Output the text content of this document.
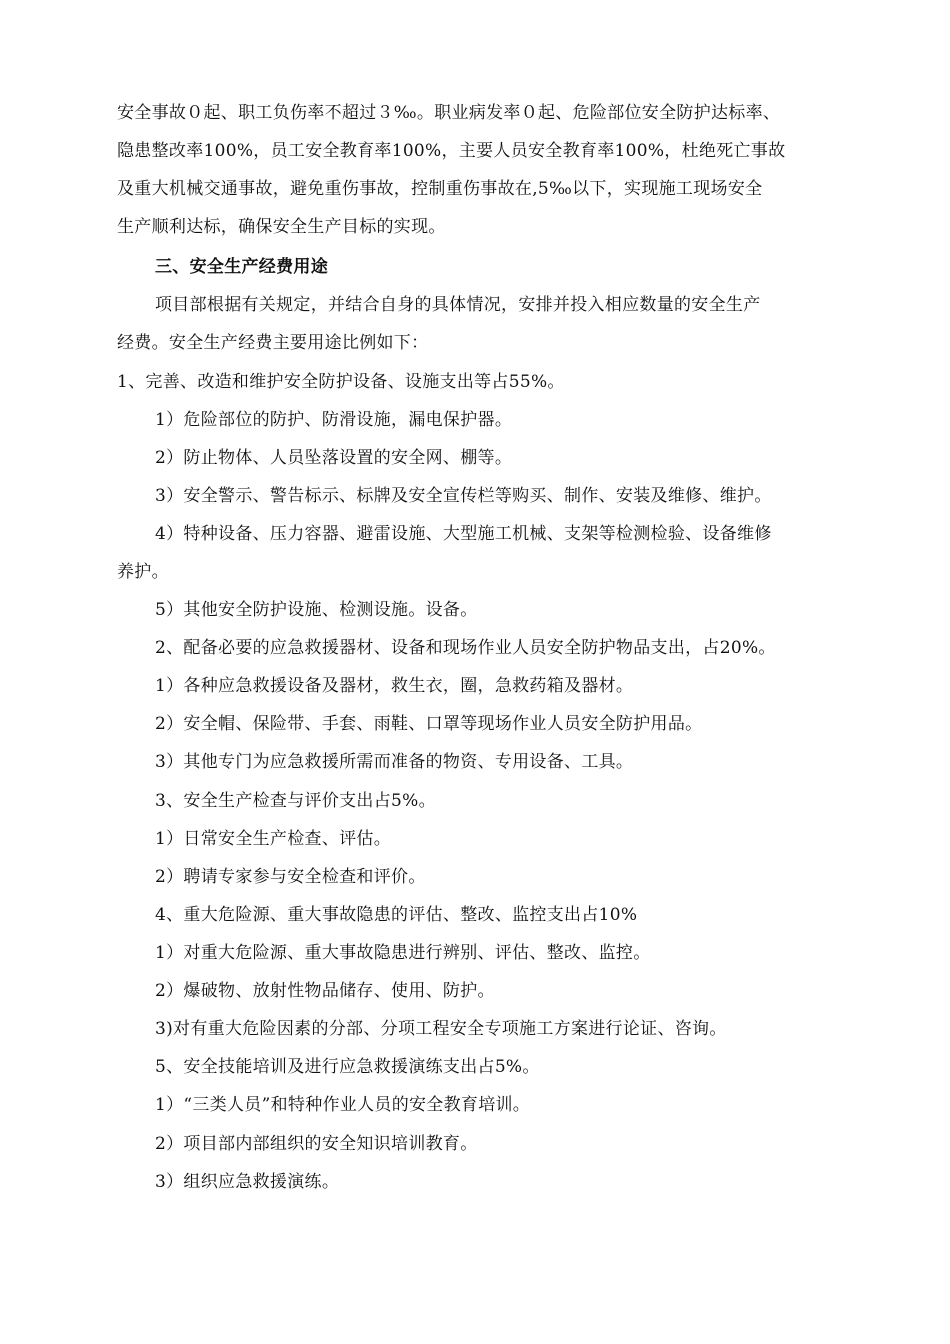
安全事故０起、职工负伤率不超过３‰。职业病发率０起、危险部位安全防护达标率、
隐患整改率100%，员工安全教育率100%，主要人员安全教育率100%，杜绝死亡事故
及重大机械交通事故，避免重伤事故，控制重伤事故在,5‰以下，实现施工现场安全
生产顺利达标，确保安全生产目标的实现。
三、安全生产经费用途
项目部根据有关规定，并结合自身的具体情况，安排并投入相应数量的安全生产
经费。安全生产经费主要用途比例如下：
1、完善、改造和维护安全防护设备、设施支出等占55%。
1）危险部位的防护、防滑设施，漏电保护器。
2）防止物体、人员坠落设置的安全网、棚等。
3）安全警示、警告标示、标牌及安全宣传栏等购买、制作、安装及维修、维护。
4）特种设备、压力容器、避雷设施、大型施工机械、支架等检测检验、设备维修
养护。
5）其他安全防护设施、检测设施。设备。
2、配备必要的应急救援器材、设备和现场作业人员安全防护物品支出，占20%。
1）各种应急救援设备及器材，救生衣，圈，急救药箱及器材。
2）安全帽、保险带、手套、雨鞋、口罩等现场作业人员安全防护用品。
3）其他专门为应急救援所需而准备的物资、专用设备、工具。
3、安全生产检查与评价支出占5%。
1）日常安全生产检查、评估。
2）聘请专家参与安全检查和评价。
4、重大危险源、重大事故隐患的评估、整改、监控支出占10%
1）对重大危险源、重大事故隐患进行辨别、评估、整改、监控。
2）爆破物、放射性物品储存、使用、防护。
3)对有重大危险因素的分部、分项工程安全专项施工方案进行论证、咨询。
5、安全技能培训及进行应急救援演练支出占5%。
1）“三类人员”和特种作业人员的安全教育培训。
2）项目部内部组织的安全知识培训教育。
3）组织应急救援演练。
